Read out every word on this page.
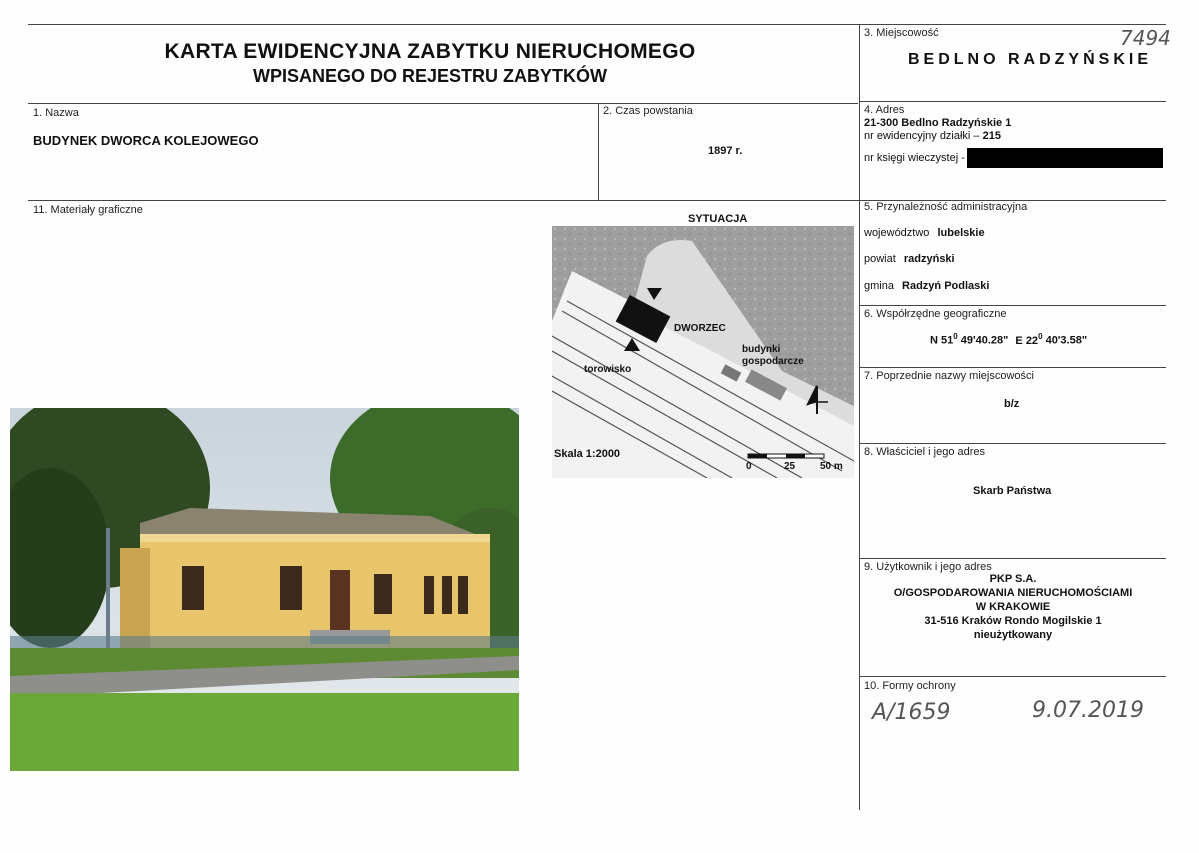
KARTA EWIDENCYJNA ZABYTKU NIERUCHOMEGO
WPISANEGO DO REJESTRU ZABYTKÓW
7494
3. Miejscowość
BEDLNO RADZYŃSKIE
1. Nazwa
BUDYNEK DWORCA KOLEJOWEGO
2. Czas powstania
1897 r.
4. Adres
21-300 Bedlno Radzyńskie 1
nr ewidencyjny działki – 215
nr księgi wieczystej -
11. Materiały graficzne
SYTUACJA
DWORZEC
budynki
gospodarcze
torowisko
Skala 1:2000
0	25 50 m
5. Przynależność administracyjna
województwo lubelskie
powiat radzyński
gmina Radzyń Podlaski
6. Współrzędne geograficzne
N $51^0$ 49'40.28" E $22^0$ 40'3.58"
7. Poprzednie nazwy miejscowości
b/z
8. Właściciel i jego adres
Skarb Państwa
9. Użytkownik i jego adres
PKP S.A.
O/GOSPODAROWANIA NIERUCHOMOŚCIAMI
W KRAKOWIE
31-516 Kraków Rondo Mogilskie 1
nieużytkowany
10. Formy ochrony
A/1659	9.07.2019
